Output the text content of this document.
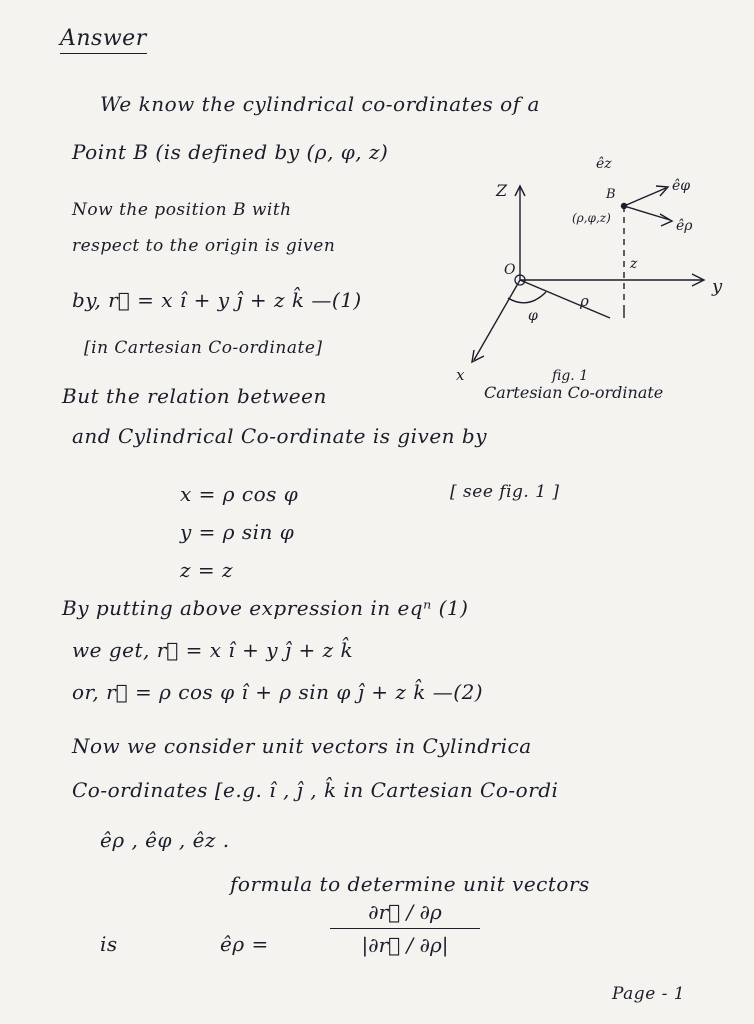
Answer
We know the cylindrical co-ordinates of a
Point B (is defined by (ρ, φ, z)
Now the position B with
respect to the origin is given
by, r⃗ = x î + y ĵ + z k̂ —(1)
[in Cartesian Co-ordinate]
But the relation between
and Cylindrical Co-ordinate is given by
x = ρ cos φ	[ see fig. 1 ]
y = ρ sin φ
z = z
By putting above expression in eqⁿ (1)
we get, r⃗ = x î + y ĵ + z k̂
or, r⃗ = ρ cos φ î + ρ sin φ ĵ + z k̂ —(2)
Now we consider unit vectors in Cylindrica
Co-ordinates [e.g. î , ĵ , k̂ in Cartesian Co-ordi
êρ , êφ , êz .
formula to determine unit vectors
is	êρ =
∂r⃗ / ∂ρ
|∂r⃗ / ∂ρ|
Page - 1
Z
y
x
O
B
(ρ,φ,z)
êz
êφ
êρ
ρ
φ
z
fig. 1
Cartesian Co-ordinate
